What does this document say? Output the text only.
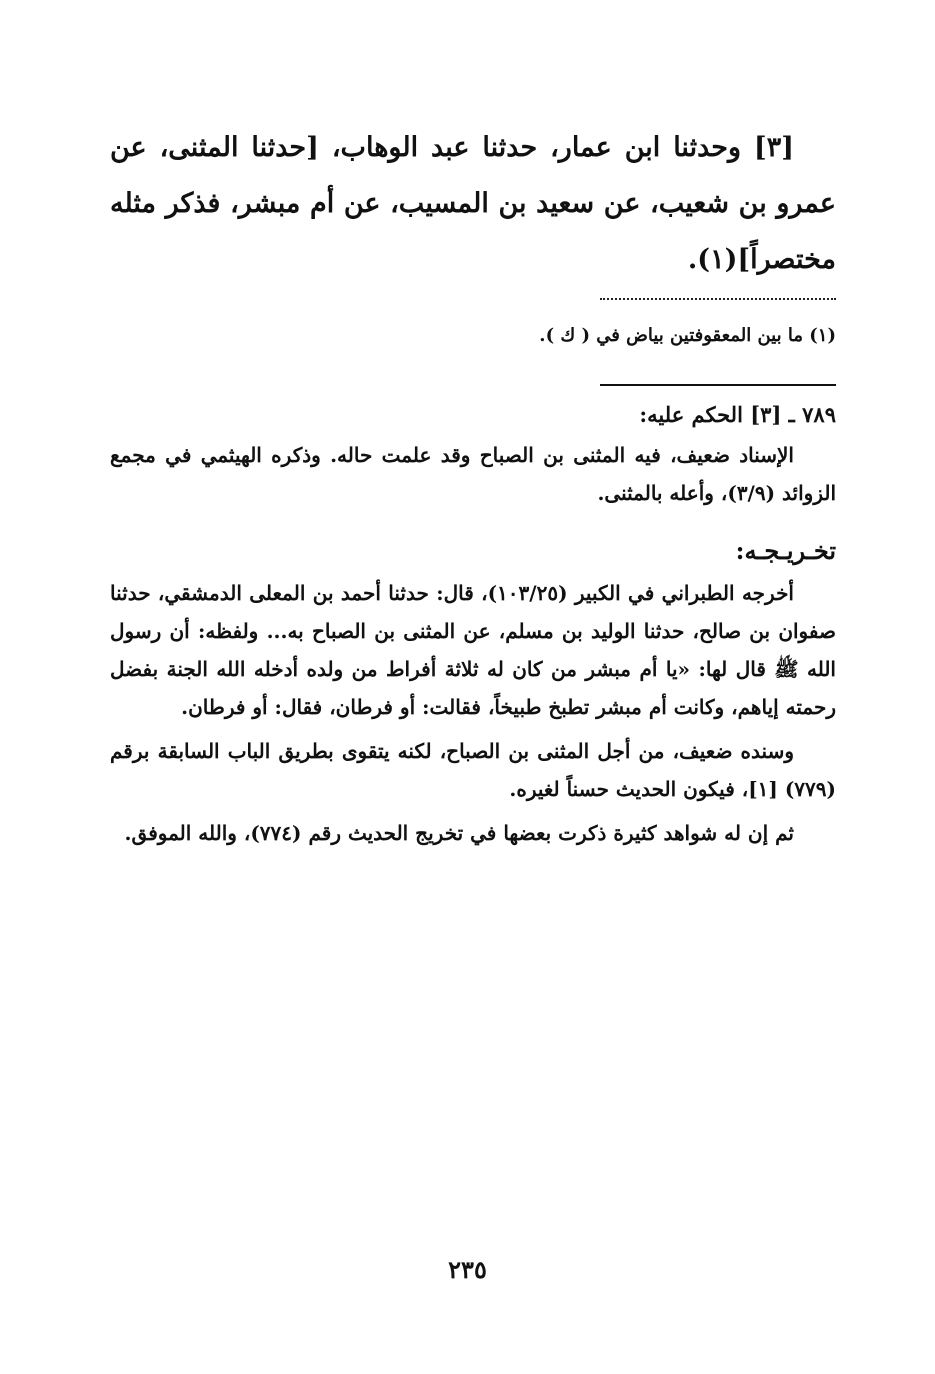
[٣] وحدثنا ابن عمار، حدثنا عبد الوهاب، [حدثنا المثنى، عن عمرو بن شعيب، عن سعيد بن المسيب، عن أم مبشر، فذكر مثله مختصراً](١).

(١) ما بين المعقوفتين بياض في ( ك ).
٧٨٩ ـ [٣] الحكم عليه:

الإسناد ضعيف، فيه المثنى بن الصباح وقد علمت حاله. وذكره الهيثمي في مجمع الزوائد (٣/٩)، وأعله بالمثنى.

تخـريـجـه:

أخرجه الطبراني في الكبير (١٠٣/٢٥)، قال: حدثنا أحمد بن المعلى الدمشقي، حدثنا صفوان بن صالح، حدثنا الوليد بن مسلم، عن المثنى بن الصباح به... ولفظه: أن رسول الله ﷺ قال لها: «يا أم مبشر من كان له ثلاثة أفراط من ولده أدخله الله الجنة بفضل رحمته إياهم، وكانت أم مبشر تطبخ طبيخاً، فقالت: أو فرطان، فقال: أو فرطان.

وسنده ضعيف، من أجل المثنى بن الصباح، لكنه يتقوى بطريق الباب السابقة برقم (٧٧٩) [١]، فيكون الحديث حسناً لغيره.

ثم إن له شواهد كثيرة ذكرت بعضها في تخريج الحديث رقم (٧٧٤)، والله الموفق.

٢٣٥
